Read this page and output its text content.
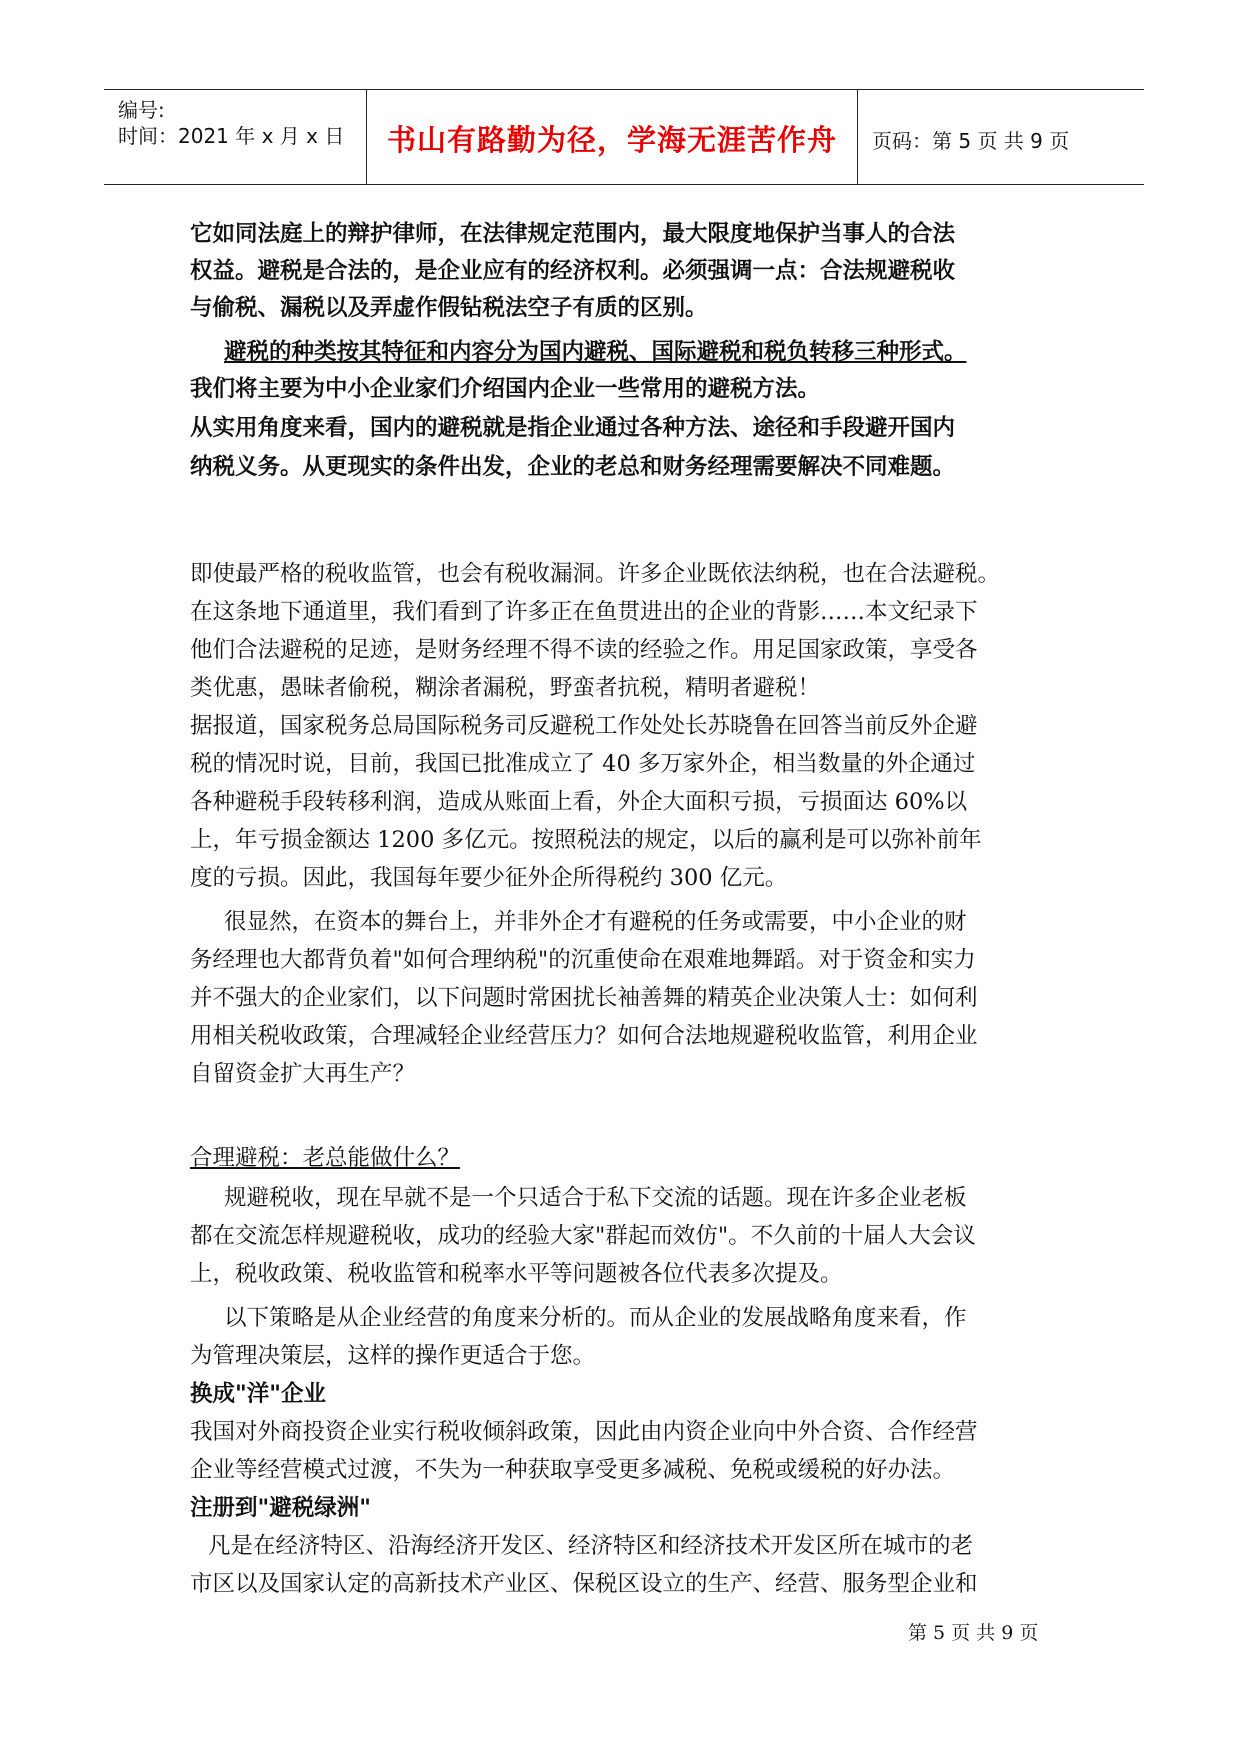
编号:
时间：2021 年 x 月 x 日	书山有路勤为径，学海无涯苦作舟	页码：第 5 页 共 9 页
它如同法庭上的辩护律师，在法律规定范围内，最大限度地保护当事人的合法
权益。避税是合法的，是企业应有的经济权利。必须强调一点：合法规避税收
与偷税、漏税以及弄虚作假钻税法空子有质的区别。
避税的种类按其特征和内容分为国内避税、国际避税和税负转移三种形式。
我们将主要为中小企业家们介绍国内企业一些常用的避税方法。
从实用角度来看，国内的避税就是指企业通过各种方法、途径和手段避开国内
纳税义务。从更现实的条件出发，企业的老总和财务经理需要解决不同难题。
即使最严格的税收监管，也会有税收漏洞。许多企业既依法纳税，也在合法避税。
在这条地下通道里，我们看到了许多正在鱼贯进出的企业的背影……本文纪录下
他们合法避税的足迹，是财务经理不得不读的经验之作。用足国家政策，享受各
类优惠，愚昧者偷税，糊涂者漏税，野蛮者抗税，精明者避税！
据报道，国家税务总局国际税务司反避税工作处处长苏晓鲁在回答当前反外企避
税的情况时说，目前，我国已批准成立了 40 多万家外企，相当数量的外企通过
各种避税手段转移利润，造成从账面上看，外企大面积亏损，亏损面达 60%以
上，年亏损金额达 1200 多亿元。按照税法的规定，以后的赢利是可以弥补前年
度的亏损。因此，我国每年要少征外企所得税约 300 亿元。
很显然，在资本的舞台上，并非外企才有避税的任务或需要，中小企业的财
务经理也大都背负着"如何合理纳税"的沉重使命在艰难地舞蹈。对于资金和实力
并不强大的企业家们，以下问题时常困扰长袖善舞的精英企业决策人士：如何利
用相关税收政策，合理减轻企业经营压力？如何合法地规避税收监管，利用企业
自留资金扩大再生产？
合理避税：老总能做什么？
规避税收，现在早就不是一个只适合于私下交流的话题。现在许多企业老板
都在交流怎样规避税收，成功的经验大家"群起而效仿"。不久前的十届人大会议
上，税收政策、税收监管和税率水平等问题被各位代表多次提及。
以下策略是从企业经营的角度来分析的。而从企业的发展战略角度来看，作
为管理决策层，这样的操作更适合于您。
换成"洋"企业
我国对外商投资企业实行税收倾斜政策，因此由内资企业向中外合资、合作经营
企业等经营模式过渡，不失为一种获取享受更多减税、免税或缓税的好办法。
注册到"避税绿洲"
凡是在经济特区、沿海经济开发区、经济特区和经济技术开发区所在城市的老
市区以及国家认定的高新技术产业区、保税区设立的生产、经营、服务型企业和
第 5 页 共 9 页
